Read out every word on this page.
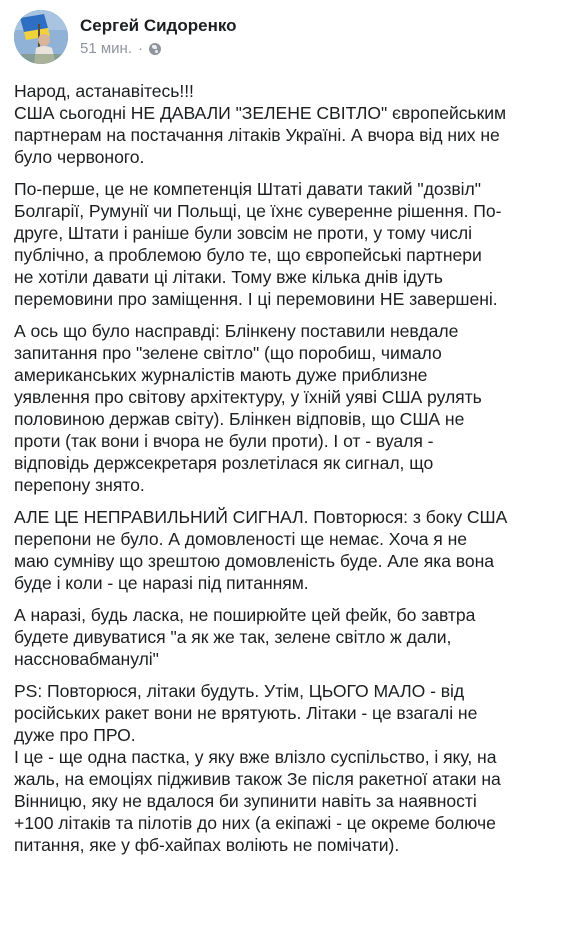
Сергей Сидоренко
51 мин. ·
Народ, астанавітесь!!!
США сьогодні НЕ ДАВАЛИ "ЗЕЛЕНЕ СВІТЛО" європейським
партнерам на постачання літаків Україні. А вчора від них не
було червоного.
По-перше, це не компетенція Штаті давати такий "дозвіл"
Болгарії, Румунії чи Польщі, це їхнє суверенне рішення. По-
друге, Штати і раніше були зовсім не проти, у тому числі
публічно, а проблемою було те, що європейські партнери
не хотіли давати ці літаки. Тому вже кілька днів ідуть
перемовини про заміщення. І ці перемовини НЕ завершені.
А ось що було насправді: Блінкену поставили невдале
запитання про "зелене світло" (що поробиш, чимало
американських журналістів мають дуже приблизне
уявлення про світову архітектуру, у їхній уяві США рулять
половиною держав світу). Блінкен відповів, що США не
проти (так вони і вчора не були проти). І от - вуаля -
відповідь держсекретаря розлетілася як сигнал, що
перепону знято.
АЛЕ ЦЕ НЕПРАВИЛЬНИЙ СИГНАЛ. Повторюся: з боку США
перепони не було. А домовленості ще немає. Хоча я не
маю сумніву що зрештою домовленість буде. Але яка вона
буде і коли - це наразі під питанням.
А наразі, будь ласка, не поширюйте цей фейк, бо завтра
будете дивуватися "а як же так, зелене світло ж дали,
нассновабманулі"
PS: Повторюся, літаки будуть. Утім, ЦЬОГО МАЛО - від
російських ракет вони не врятують. Літаки - це взагалі не
дуже про ПРО.
І це - ще одна пастка, у яку вже влізло суспільство, і яку, на
жаль, на емоціях підживив також Зе після ракетної атаки на
Вінницю, яку не вдалося би зупинити навіть за наявності
+100 літаків та пілотів до них (а екіпажі - це окреме болюче
питання, яке у фб-хайпах воліють не помічати).
